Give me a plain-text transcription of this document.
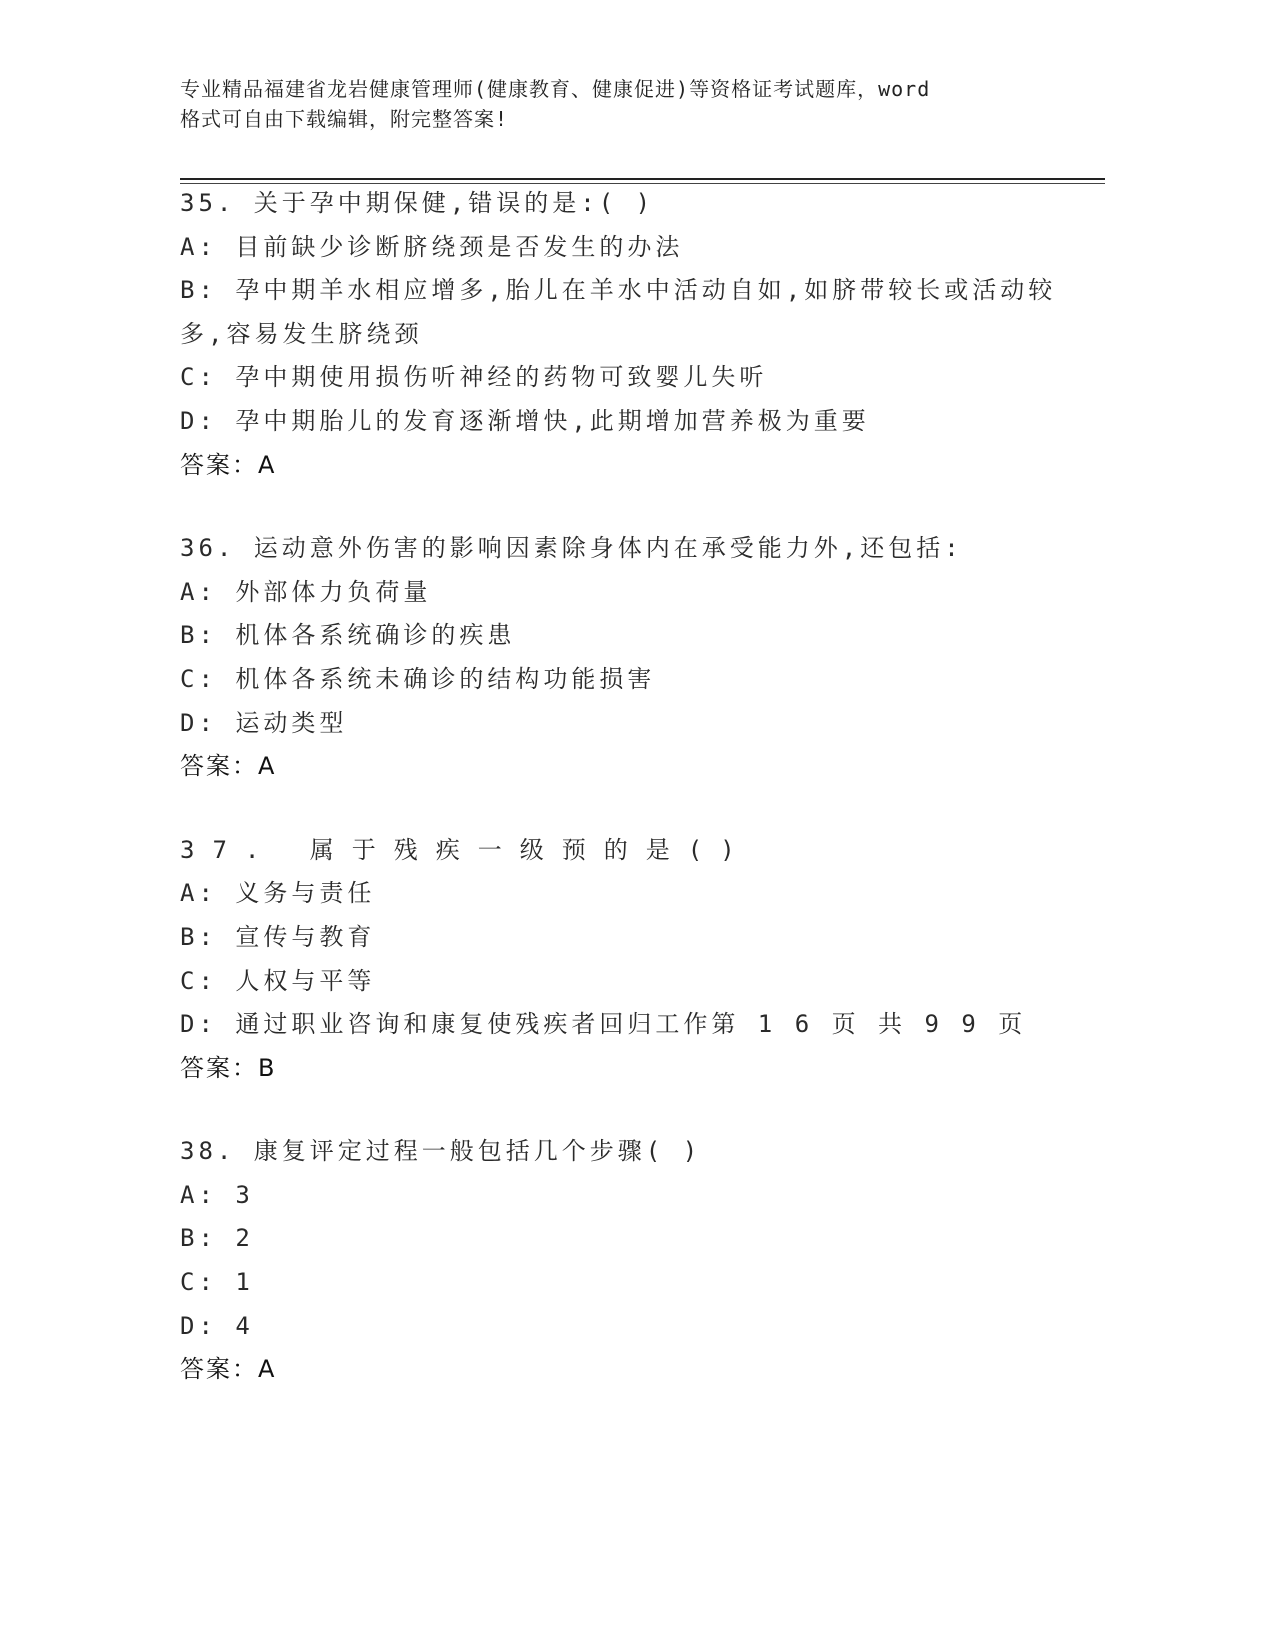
专业精品福建省龙岩健康管理师(健康教育、健康促进)等资格证考试题库，word
格式可自由下载编辑，附完整答案!
35. 关于孕中期保健,错误的是:( )
A: 目前缺少诊断脐绕颈是否发生的办法
B: 孕中期羊水相应增多,胎儿在羊水中活动自如,如脐带较长或活动较
多,容易发生脐绕颈
C: 孕中期使用损伤听神经的药物可致婴儿失听
D: 孕中期胎儿的发育逐渐增快,此期增加营养极为重要
答案：A
36. 运动意外伤害的影响因素除身体内在承受能力外,还包括:
A: 外部体力负荷量
B: 机体各系统确诊的疾患
C: 机体各系统未确诊的结构功能损害
D: 运动类型
答案：A
37. 属于残疾一级预的是()
A: 义务与责任
B: 宣传与教育
C: 人权与平等
D: 通过职业咨询和康复使残疾者回归工作第 1 6 页 共 9 9 页
答案：B
38. 康复评定过程一般包括几个步骤( )
A: 3
B: 2
C: 1
D: 4
答案：A
